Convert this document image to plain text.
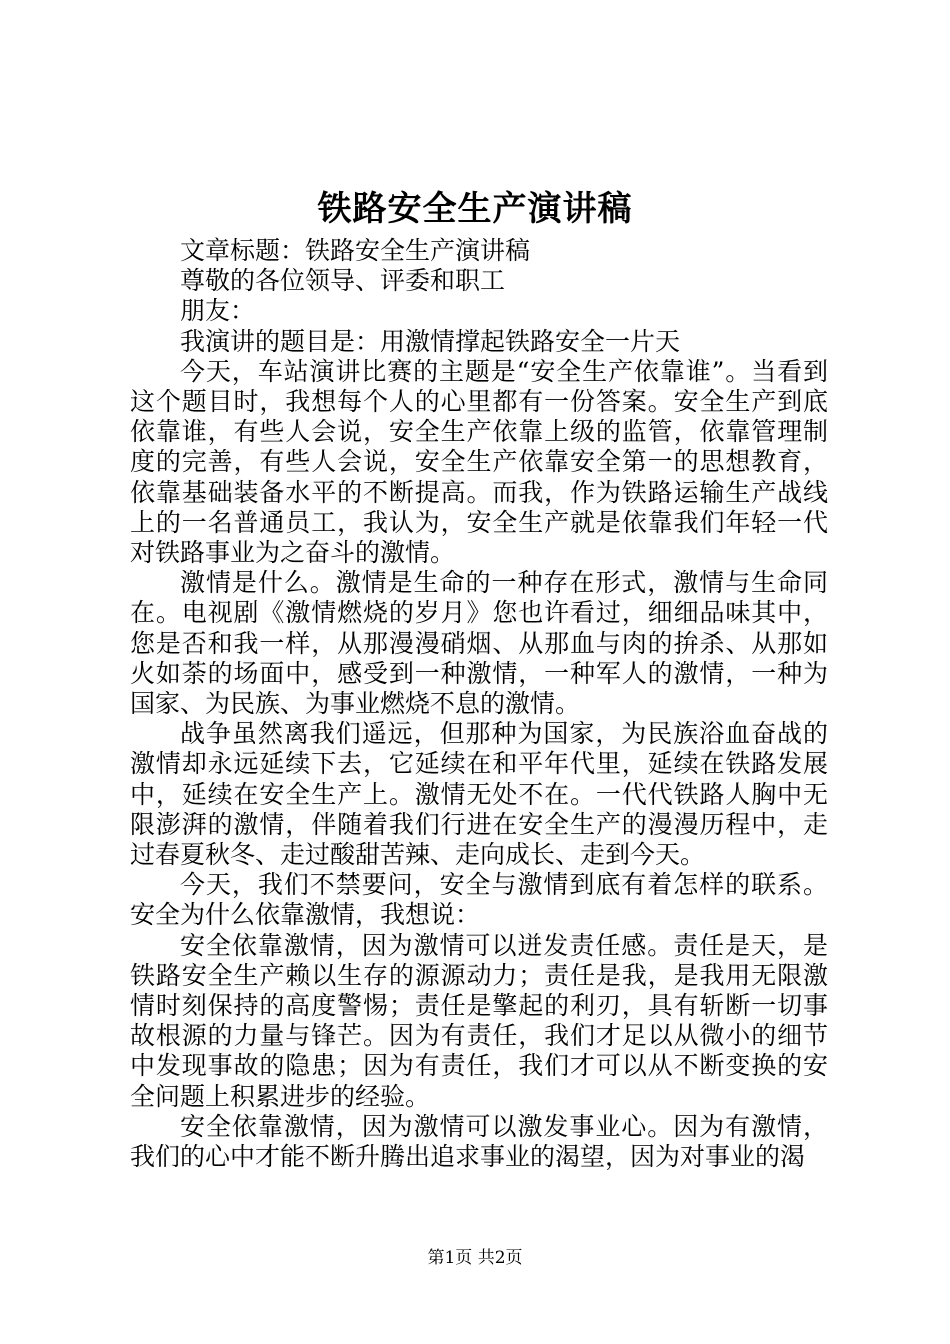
铁路安全生产演讲稿

文章标题：铁路安全生产演讲稿

尊敬的各位领导、评委和职工

朋友：

我演讲的题目是：用激情撑起铁路安全一片天

今天，车站演讲比赛的主题是“安全生产依靠谁”。当看到这个题目时，我想每个人的心里都有一份答案。安全生产到底依靠谁，有些人会说，安全生产依靠上级的监管，依靠管理制度的完善，有些人会说，安全生产依靠安全第一的思想教育，依靠基础装备水平的不断提高。而我，作为铁路运输生产战线上的一名普通员工，我认为，安全生产就是依靠我们年轻一代对铁路事业为之奋斗的激情。

激情是什么。激情是生命的一种存在形式，激情与生命同在。电视剧《激情燃烧的岁月》您也许看过，细细品味其中，您是否和我一样，从那漫漫硝烟、从那血与肉的拚杀、从那如火如荼的场面中，感受到一种激情，一种军人的激情，一种为国家、为民族、为事业燃烧不息的激情。

战争虽然离我们遥远，但那种为国家，为民族浴血奋战的激情却永远延续下去，它延续在和平年代里，延续在铁路发展中，延续在安全生产上。激情无处不在。一代代铁路人胸中无限澎湃的激情，伴随着我们行进在安全生产的漫漫历程中，走过春夏秋冬、走过酸甜苦辣、走向成长、走到今天。

今天，我们不禁要问，安全与激情到底有着怎样的联系。安全为什么依靠激情，我想说：

安全依靠激情，因为激情可以迸发责任感。责任是天，是铁路安全生产赖以生存的源源动力；责任是我，是我用无限激情时刻保持的高度警惕；责任是擎起的利刃，具有斩断一切事故根源的力量与锋芒。因为有责任，我们才足以从微小的细节中发现事故的隐患；因为有责任，我们才可以从不断变换的安全问题上积累进步的经验。

安全依靠激情，因为激情可以激发事业心。因为有激情，我们的心中才能不断升腾出追求事业的渴望，因为对事业的渴

第1页 共2页
